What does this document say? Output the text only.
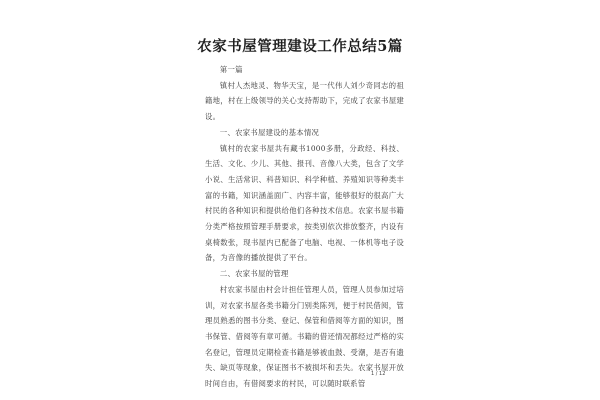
农家书屋管理建设工作总结5篇

第一篇

镇村人杰地灵、物华天宝，是一代伟人刘少奇同志的祖籍地，村在上级领导的关心支持帮助下，完成了农家书屋建设。

一、农家书屋建设的基本情况

镇村的农家书屋共有藏书1000多册，分政经、科技、生活、文化、少儿、其他、报刊、音像八大类，包含了文学小说、生活常识、科普知识、科学种植、养殖知识等种类丰富的书籍，知识涵盖面广、内容丰富，能够很好的很高广大村民的各种知识和提供给他们各种技术信息。农家书屋书籍分类严格按照管理手册要求，按类别依次排放整齐，内设有桌椅数张，现书屋内已配备了电脑、电视、一体机等电子设备，为音像的播放提供了平台。

二、农家书屋的管理

村农家书屋由村会计担任管理人员，管理人员参加过培训，对农家书屋各类书籍分门别类陈列，便于村民借阅，管理员熟悉的图书分类、登记、保管和借阅等方面的知识，图书保管、借阅等有章可循。书籍的借还情况都经过严格的实名登记，管理员定期检查书籍是够被血鼓、受潮，是否有遗失、缺页等现象，保证图书不被损坏和丢失。农家书屋开放时间自由，有借阅要求的村民，可以随时联系管

1 / 12
